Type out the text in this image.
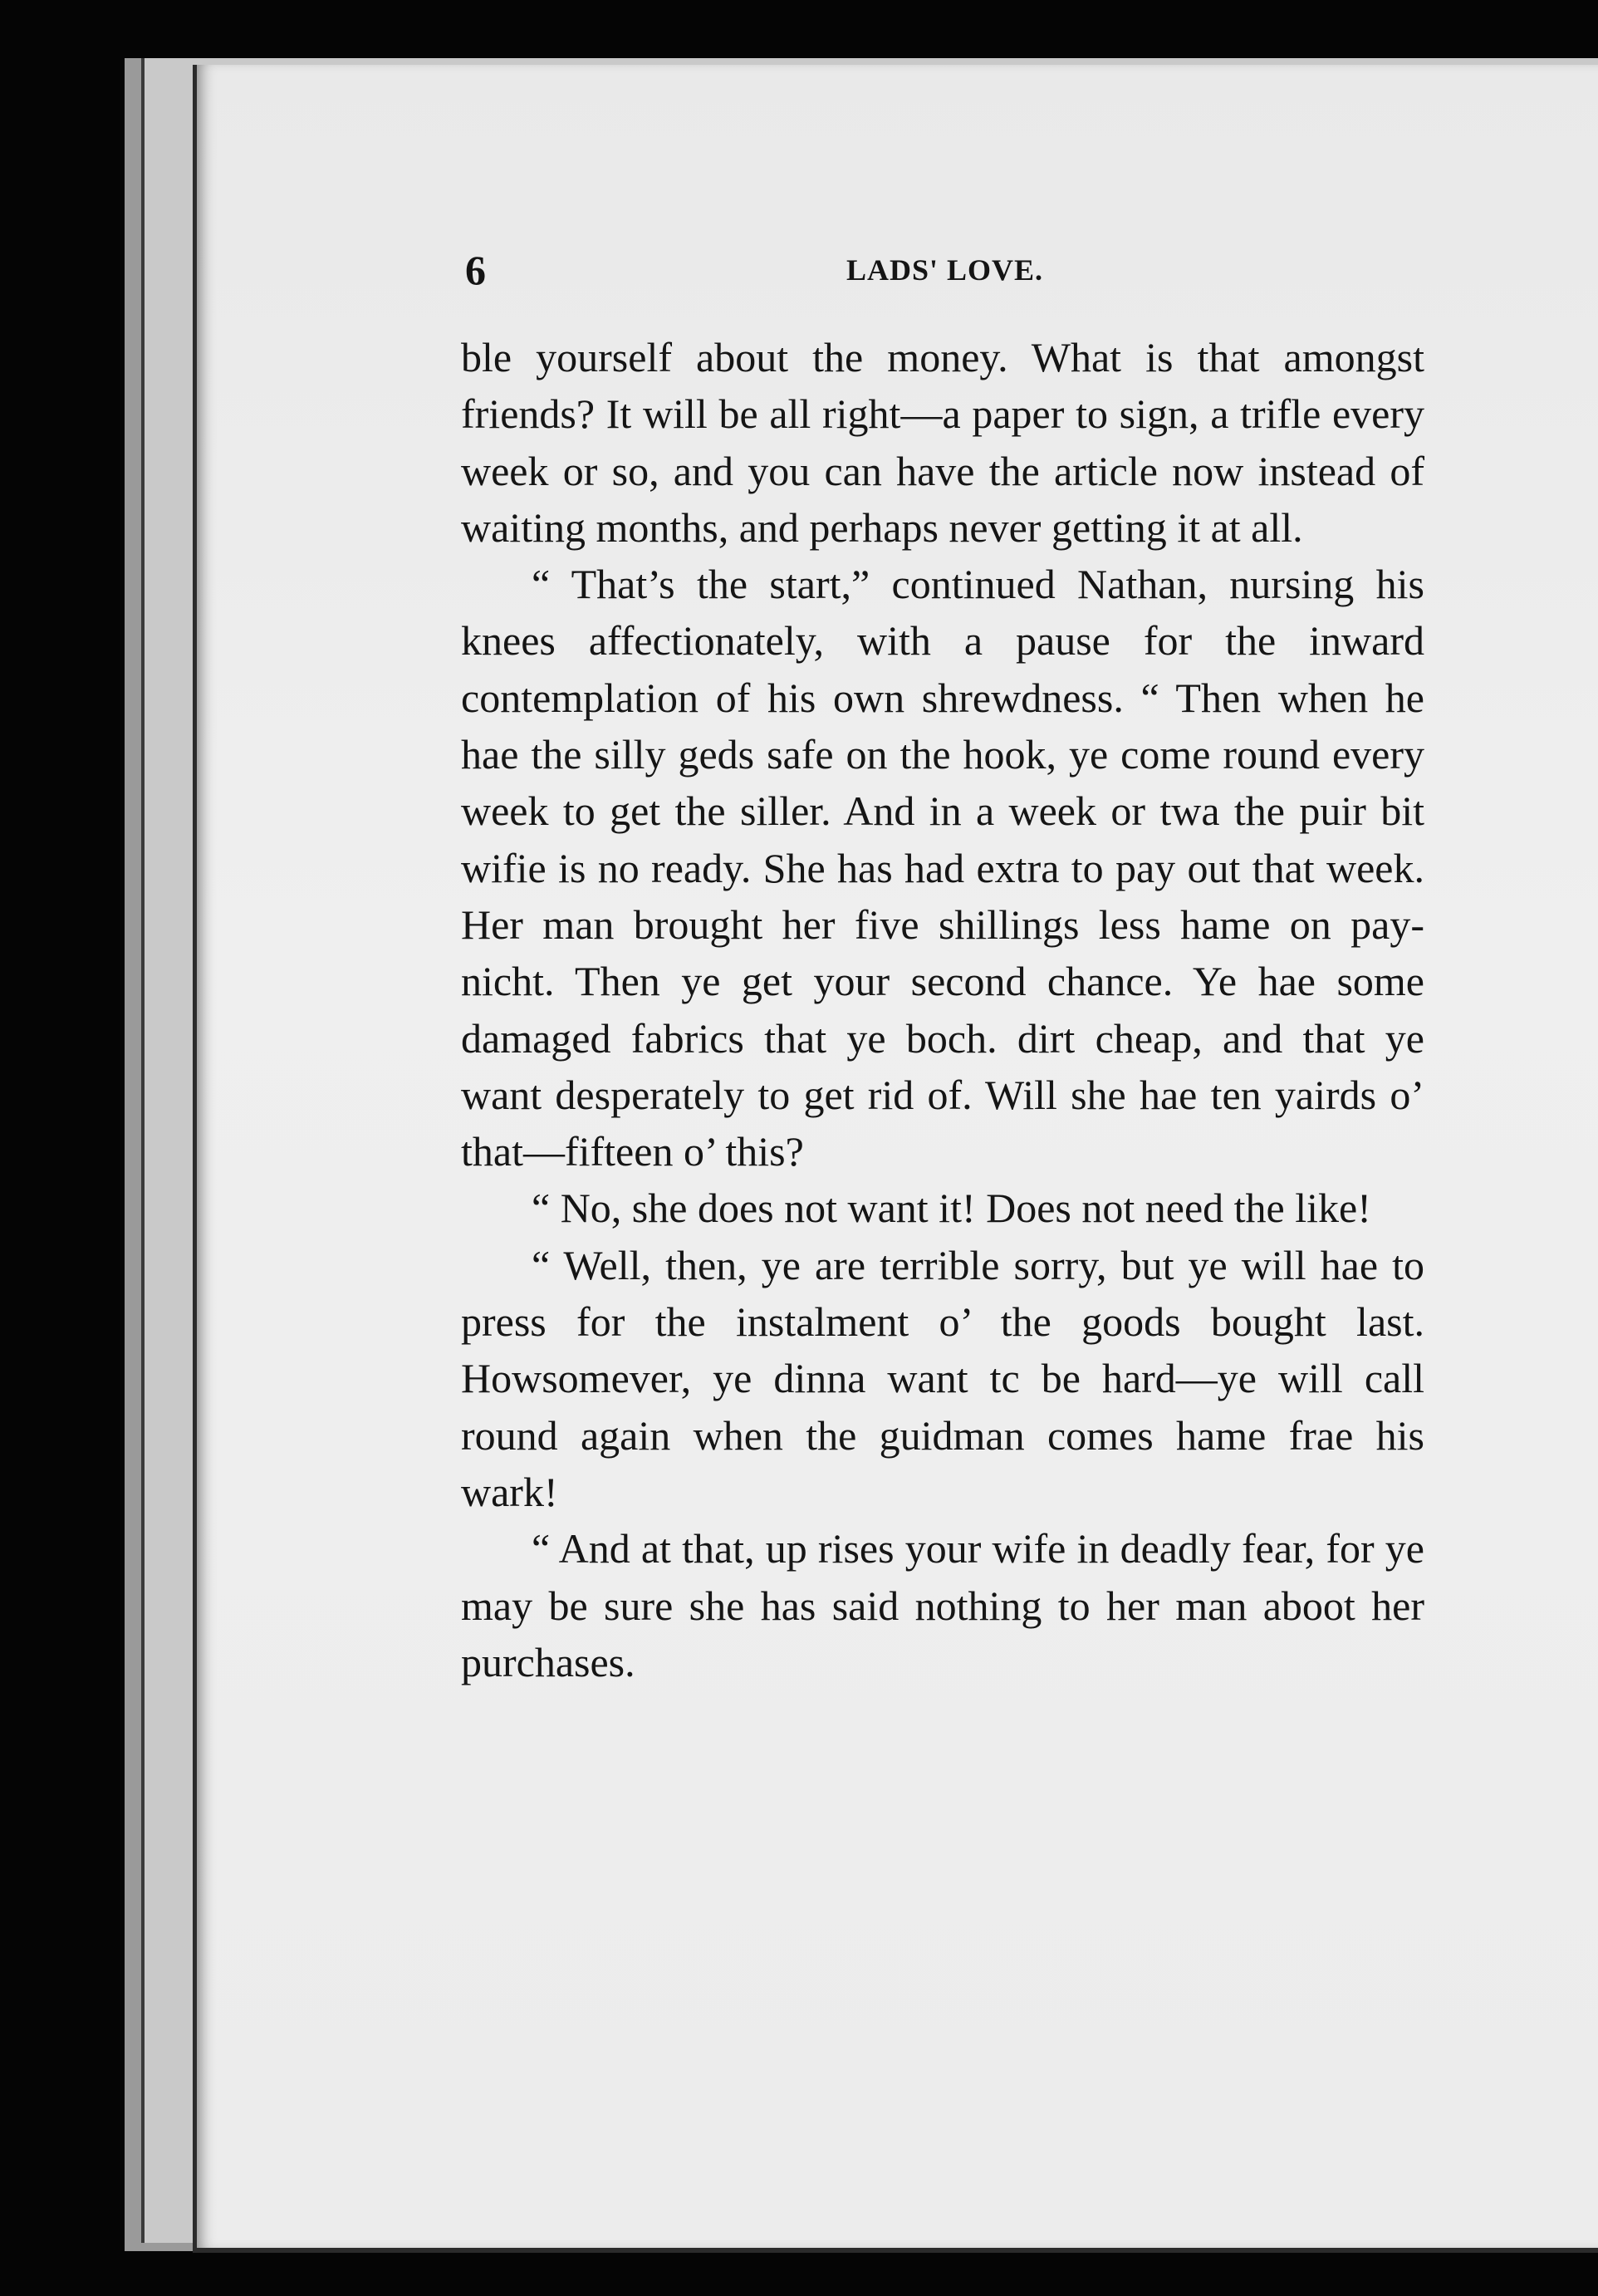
6	LADS' LOVE.

ble yourself about the money. What is that amongst friends? It will be all right—a paper to sign, a trifle every week or so, and you can have the article now instead of waiting months, and perhaps never getting it at all.

“ That’s the start,” continued Nathan, nursing his knees affectionately, with a pause for the inward contemplation of his own shrewdness. “ Then when he hae the silly geds safe on the hook, ye come round every week to get the siller. And in a week or twa the puir bit wifie is no ready. She has had extra to pay out that week. Her man brought her five shillings less hame on pay-nicht. Then ye get your second chance. Ye hae some damaged fabrics that ye boch. dirt cheap, and that ye want desperately to get rid of. Will she hae ten yairds o’ that—fifteen o’ this?

“ No, she does not want it! Does not need the like!

“ Well, then, ye are terrible sorry, but ye will hae to press for the instalment o’ the goods bought last. Howsomever, ye dinna want tc be hard—ye will call round again when the guidman comes hame frae his wark!

“ And at that, up rises your wife in deadly fear, for ye may be sure she has said nothing to her man aboot her purchases.
